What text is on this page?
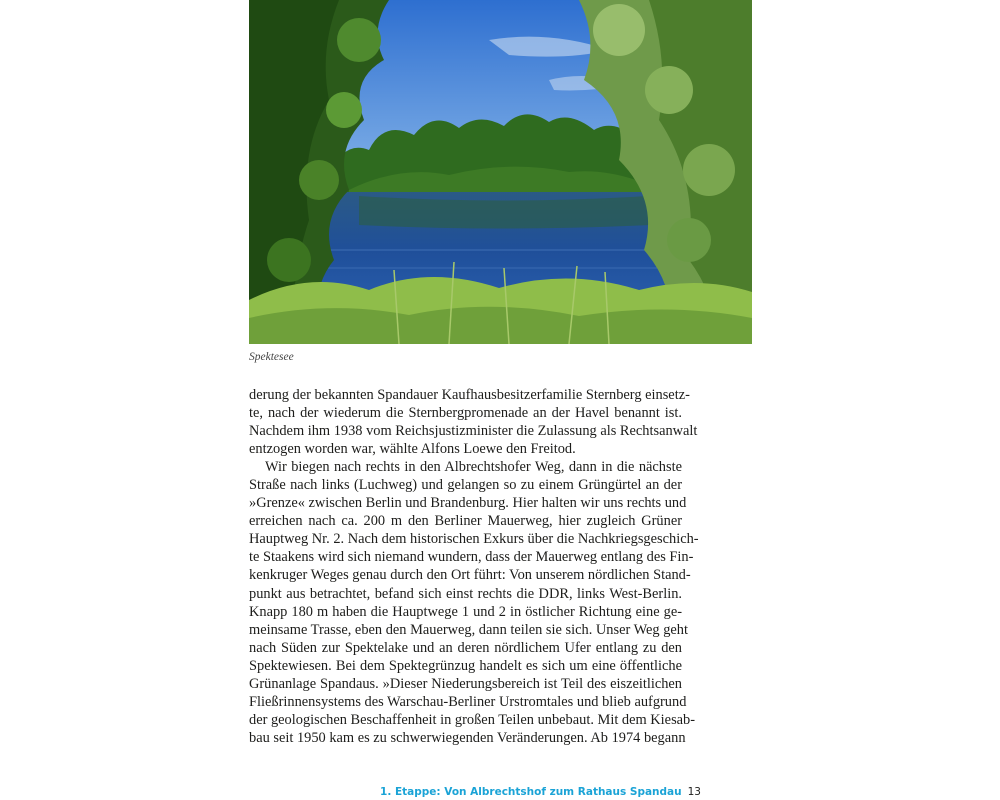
Spektesee
derung der bekannten Spandauer Kaufhausbesitzerfamilie Sternberg einsetz-
te, nach der wiederum die Sternbergpromenade an der Havel benannt ist.
Nachdem ihm 1938 vom Reichsjustizminister die Zulassung als Rechtsanwalt
entzogen worden war, wählte Alfons Loewe den Freitod.
Wir biegen nach rechts in den Albrechtshofer Weg, dann in die nächste
Straße nach links (Luchweg) und gelangen so zu einem Grüngürtel an der
»Grenze« zwischen Berlin und Brandenburg. Hier halten wir uns rechts und
erreichen nach ca. 200 m den Berliner Mauerweg, hier zugleich Grüner
Hauptweg Nr. 2. Nach dem historischen Exkurs über die Nachkriegsgeschich-
te Staakens wird sich niemand wundern, dass der Mauerweg entlang des Fin-
kenkruger Weges genau durch den Ort führt: Von unserem nördlichen Stand-
punkt aus betrachtet, befand sich einst rechts die DDR, links West-Berlin.
Knapp 180 m haben die Hauptwege 1 und 2 in östlicher Richtung eine ge-
meinsame Trasse, eben den Mauerweg, dann teilen sie sich. Unser Weg geht
nach Süden zur Spektelake und an deren nördlichem Ufer entlang zu den
Spektewiesen. Bei dem Spektegrünzug handelt es sich um eine öffentliche
Grünanlage Spandaus. »Dieser Niederungsbereich ist Teil des eiszeitlichen
Fließrinnensystems des Warschau-Berliner Urstromtales und blieb aufgrund
der geologischen Beschaffenheit in großen Teilen unbebaut. Mit dem Kiesab-
bau seit 1950 kam es zu schwerwiegenden Veränderungen. Ab 1974 begann
1. Etappe: Von Albrechtshof zum Rathaus Spandau 13
